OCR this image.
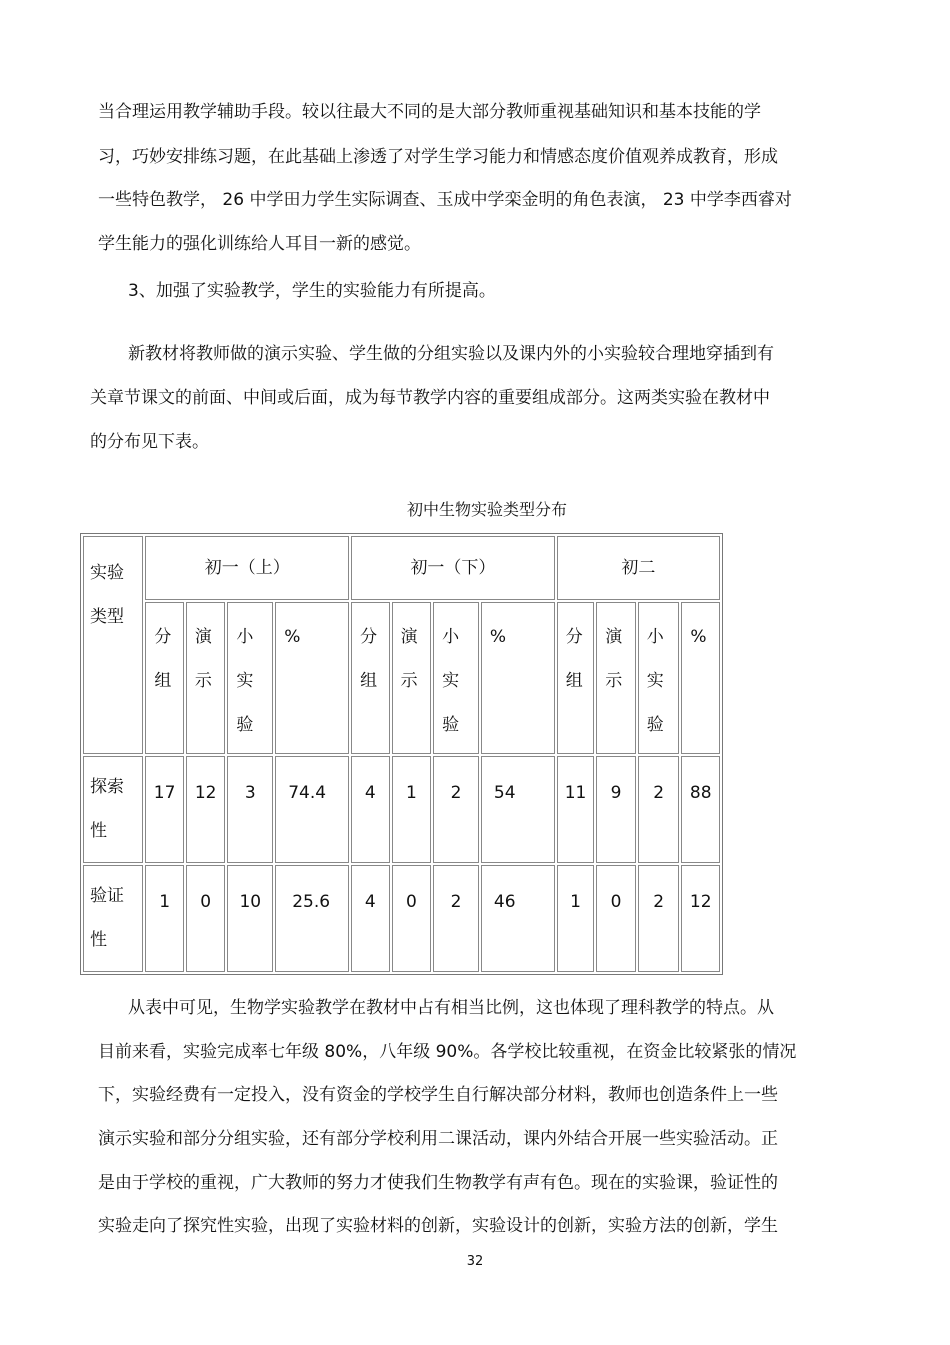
当合理运用教学辅助手段。较以往最大不同的是大部分教师重视基础知识和基本技能的学
习，巧妙安排练习题，在此基础上渗透了对学生学习能力和情感态度价值观养成教育，形成
一些特色教学， 26 中学田力学生实际调查、玉成中学栾金明的角色表演， 23 中学李西睿对
学生能力的强化训练给人耳目一新的感觉。
3、加强了实验教学，学生的实验能力有所提高。
新教材将教师做的演示实验、学生做的分组实验以及课内外的小实验较合理地穿插到有
关章节课文的前面、中间或后面，成为每节教学内容的重要组成部分。这两类实验在教材中
的分布见下表。
初中生物实验类型分布
实验类型	初一（上）				初一（下）				初二			

	分组	演示	小实验	%	分组	演示	小实验	%	分组	演示	小实验	%

探索性	17	12	3	74.4	4	1	2	54	11	9	2	88

验证性	1	0	10	25.6	4	0	2	46	1	0	2	12
从表中可见，生物学实验教学在教材中占有相当比例，这也体现了理科教学的特点。从
目前来看，实验完成率七年级 80%，八年级 90%。各学校比较重视，在资金比较紧张的情况
下，实验经费有一定投入，没有资金的学校学生自行解决部分材料，教师也创造条件上一些
演示实验和部分分组实验，还有部分学校利用二课活动，课内外结合开展一些实验活动。正
是由于学校的重视，广大教师的努力才使我们生物教学有声有色。现在的实验课，验证性的
实验走向了探究性实验，出现了实验材料的创新，实验设计的创新，实验方法的创新，学生
32
